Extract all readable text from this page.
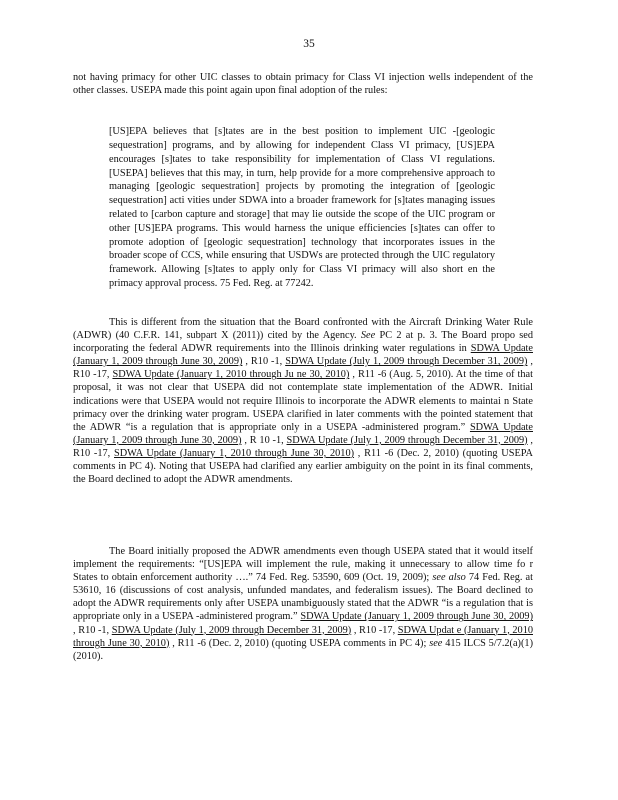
35

not having primacy for other UIC classes to obtain primacy for Class VI injection wells independent of the other classes. USEPA made this point again upon final adoption of the rules:

[US]EPA believes that [s]tates are in the best position to implement UIC -[geologic sequestration] programs, and by allowing for independent Class VI primacy, [US]EPA encourages [s]tates to take responsibility for implementation of Class VI regulations. [USEPA] believes that this may, in turn, help provide for a more comprehensive approach to managing [geologic sequestration] projects by promoting the integration of [geologic sequestration] acti vities under SDWA into a broader framework for [s]tates managing issues related to [carbon capture and storage] that may lie outside the scope of the UIC program or other [US]EPA programs. This would harness the unique efficiencies [s]tates can offer to promote adoption of [geologic sequestration] technology that incorporates issues in the broader scope of CCS, while ensuring that USDWs are protected through the UIC regulatory framework. Allowing [s]tates to apply only for Class VI primacy will also short en the primacy approval process. 75 Fed. Reg. at 77242.

This is different from the situation that the Board confronted with the Aircraft Drinking Water Rule (ADWR) (40 C.F.R. 141, subpart X (2011)) cited by the Agency. See PC 2 at p. 3. The Board propo sed incorporating the federal ADWR requirements into the Illinois drinking water regulations in SDWA Update (January 1, 2009 through June 30, 2009) , R10 -1, SDWA Update (July 1, 2009 through December 31, 2009) , R10 -17, SDWA Update (January 1, 2010 through Ju ne 30, 2010) , R11 -6 (Aug. 5, 2010). At the time of that proposal, it was not clear that USEPA did not contemplate state implementation of the ADWR. Initial indications were that USEPA would not require Illinois to incorporate the ADWR elements to maintai n State primacy over the drinking water program. USEPA clarified in later comments with the pointed statement that the ADWR “is a regulation that is appropriate only in a USEPA -administered program.” SDWA Update (January 1, 2009 through June 30, 2009) , R 10 -1, SDWA Update (July 1, 2009 through December 31, 2009) , R10 -17, SDWA Update (January 1, 2010 through June 30, 2010) , R11 -6 (Dec. 2, 2010) (quoting USEPA comments in PC 4). Noting that USEPA had clarified any earlier ambiguity on the point in its final comments, the Board declined to adopt the ADWR amendments.

The Board initially proposed the ADWR amendments even though USEPA stated that it would itself implement the requirements: “[US]EPA will implement the rule, making it unnecessary to allow time fo r States to obtain enforcement authority ….” 74 Fed. Reg. 53590, 609 (Oct. 19, 2009); see also 74 Fed. Reg. at 53610, 16 (discussions of cost analysis, unfunded mandates, and federalism issues). The Board declined to adopt the ADWR requirements only after USEPA unambiguously stated that the ADWR “is a regulation that is appropriate only in a USEPA -administered program.” SDWA Update (January 1, 2009 through June 30, 2009) , R10 -1, SDWA Update (July 1, 2009 through December 31, 2009) , R10 -17, SDWA Updat e (January 1, 2010 through June 30, 2010) , R11 -6 (Dec. 2, 2010) (quoting USEPA comments in PC 4); see 415 ILCS 5/7.2(a)(1) (2010).
